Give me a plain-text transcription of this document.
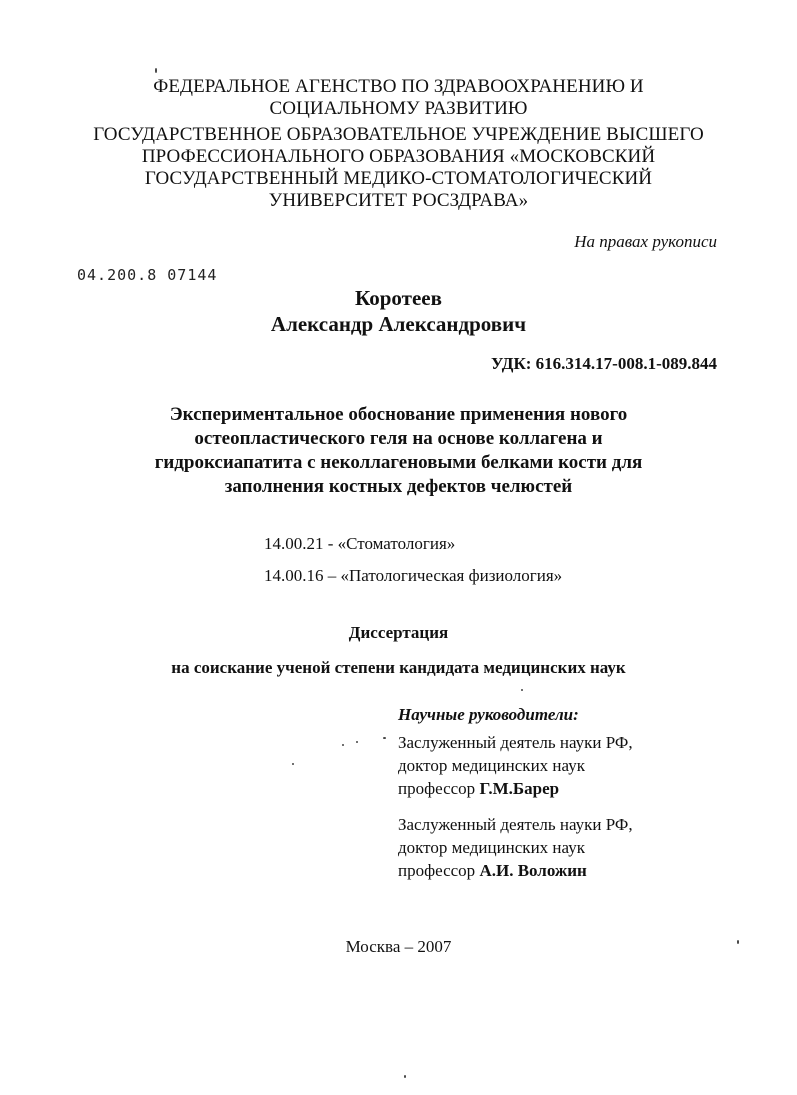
ФЕДЕРАЛЬНОЕ АГЕНСТВО ПО ЗДРАВООХРАНЕНИЮ И
СОЦИАЛЬНОМУ РАЗВИТИЮ
ГОСУДАРСТВЕННОЕ ОБРАЗОВАТЕЛЬНОЕ УЧРЕЖДЕНИЕ ВЫСШЕГО
ПРОФЕССИОНАЛЬНОГО ОБРАЗОВАНИЯ «МОСКОВСКИЙ
ГОСУДАРСТВЕННЫЙ МЕДИКО-СТОМАТОЛОГИЧЕСКИЙ
УНИВЕРСИТЕТ РОСЗДРАВА»
На правах рукописи
04.200.8 07144
Коротеев
Александр Александрович
УДК: 616.314.17-008.1-089.844
Экспериментальное обоснование применения нового
остеопластического геля на основе коллагена и
гидроксиапатита с неколлагеновыми белками кости для
заполнения костных дефектов челюстей
14.00.21 - «Стоматология»
14.00.16 – «Патологическая физиология»
Диссертация
на соискание ученой степени кандидата медицинских наук
Научные руководители:
Заслуженный деятель науки РФ,
доктор медицинских наук
профессор Г.М.Барер
Заслуженный деятель науки РФ,
доктор медицинских наук
профессор А.И. Воложин
Москва – 2007
